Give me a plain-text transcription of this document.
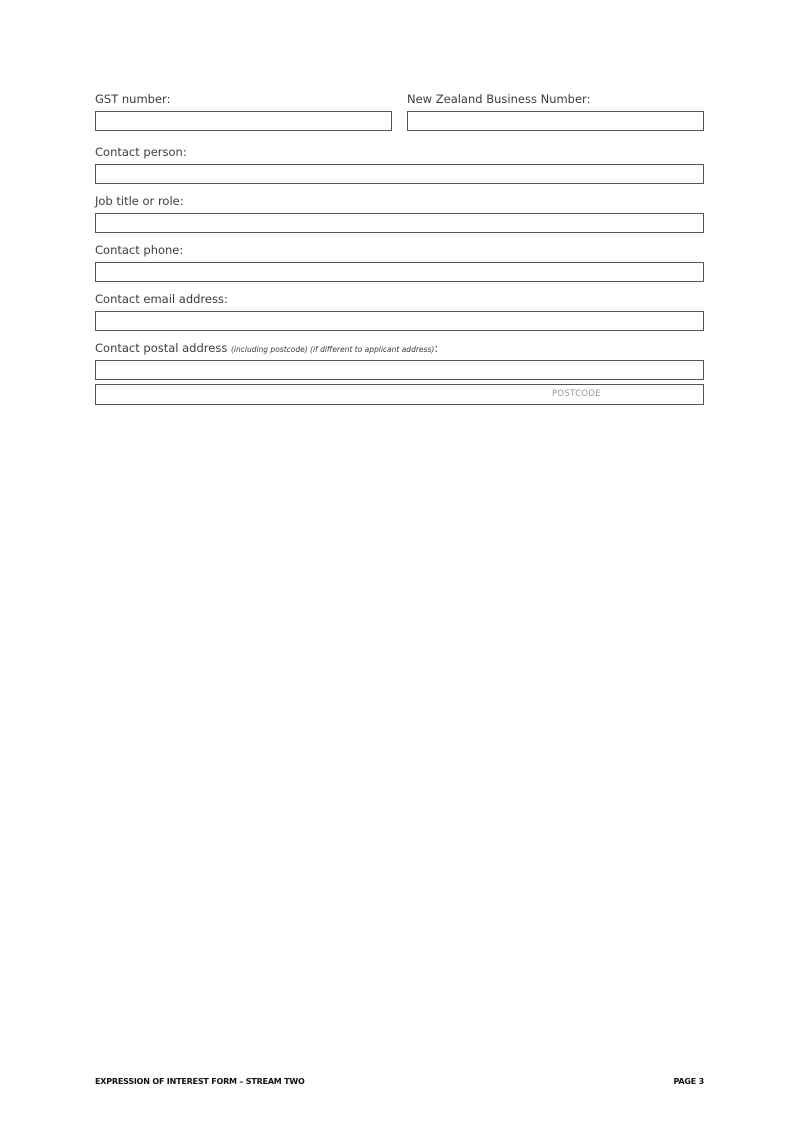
GST number:	New Zealand Business Number:
Contact person:
Job title or role:
Contact phone:
Contact email address:
Contact postal address (including postcode) (if different to applicant address):
POSTCODE
EXPRESSION OF INTEREST FORM – STREAM TWO	PAGE 3
